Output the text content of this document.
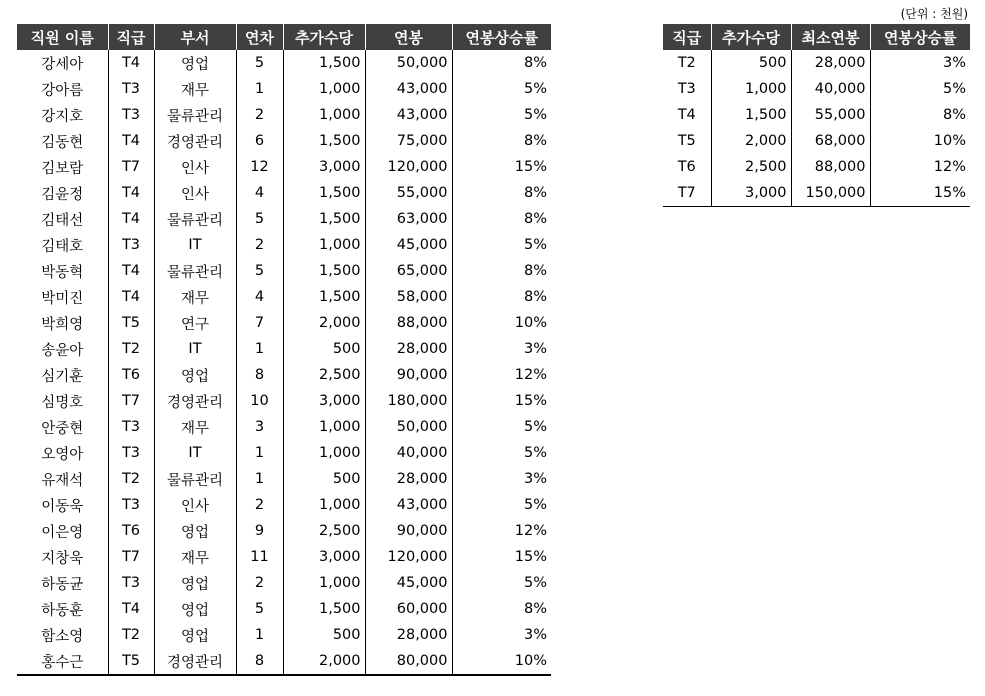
(단위 : 천원)
직원 이름	직급	부서	연차	추가수당	연봉	연봉상승률
강세아	T4	영업	5	1,500	50,000	8%
강아름	T3	재무	1	1,000	43,000	5%
강지호	T3	물류관리	2	1,000	43,000	5%
김동현	T4	경영관리	6	1,500	75,000	8%
김보람	T7	인사	12	3,000	120,000	15%
김윤정	T4	인사	4	1,500	55,000	8%
김태선	T4	물류관리	5	1,500	63,000	8%
김태호	T3	IT	2	1,000	45,000	5%
박동혁	T4	물류관리	5	1,500	65,000	8%
박미진	T4	재무	4	1,500	58,000	8%
박희영	T5	연구	7	2,000	88,000	10%
송윤아	T2	IT	1	500	28,000	3%
심기훈	T6	영업	8	2,500	90,000	12%
심명호	T7	경영관리	10	3,000	180,000	15%
안중현	T3	재무	3	1,000	50,000	5%
오영아	T3	IT	1	1,000	40,000	5%
유재석	T2	물류관리	1	500	28,000	3%
이동욱	T3	인사	2	1,000	43,000	5%
이은영	T6	영업	9	2,500	90,000	12%
지창욱	T7	재무	11	3,000	120,000	15%
하동균	T3	영업	2	1,000	45,000	5%
하동훈	T4	영업	5	1,500	60,000	8%
함소영	T2	영업	1	500	28,000	3%
홍수근	T5	경영관리	8	2,000	80,000	10%
직급	추가수당	최소연봉	연봉상승률
T2	500	28,000	3%
T3	1,000	40,000	5%
T4	1,500	55,000	8%
T5	2,000	68,000	10%
T6	2,500	88,000	12%
T7	3,000	150,000	15%
